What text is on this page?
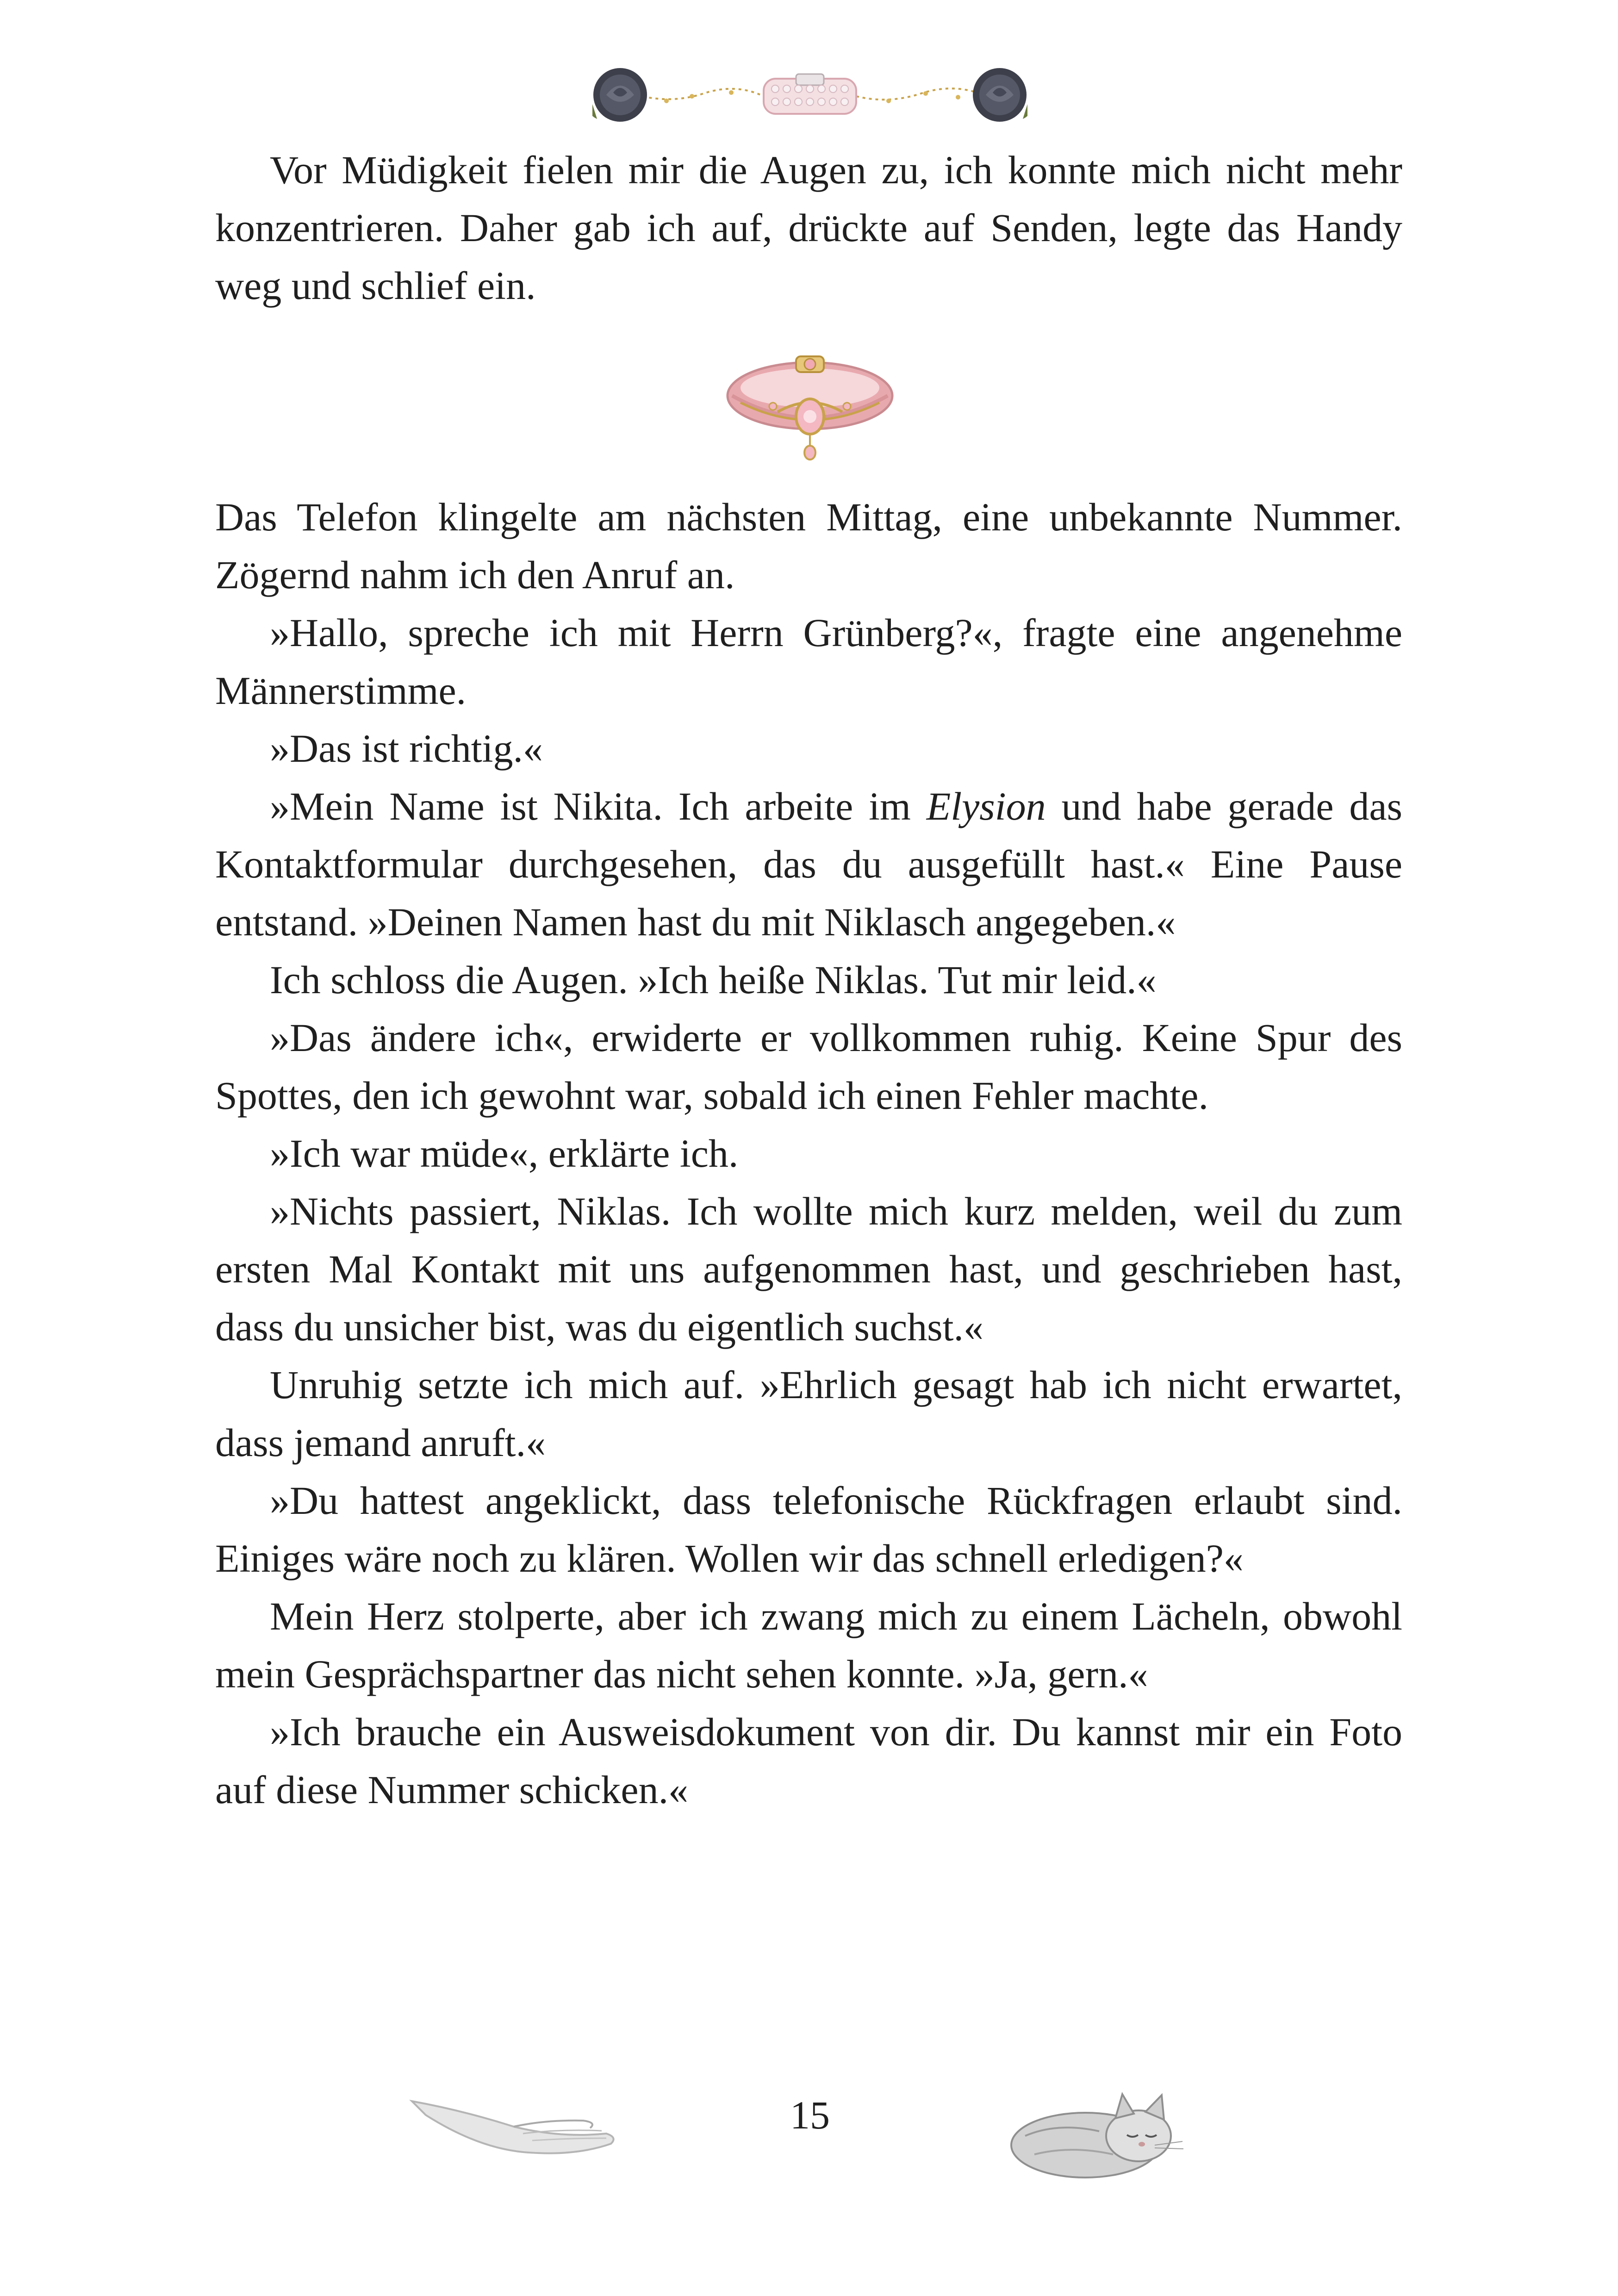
Vor Müdigkeit fielen mir die Augen zu, ich konnte mich nicht mehr konzentrieren. Daher gab ich auf, drückte auf Senden, legte das Handy weg und schlief ein.

Das Telefon klingelte am nächsten Mittag, eine unbekannte Nummer. Zögernd nahm ich den Anruf an.

»Hallo, spreche ich mit Herrn Grünberg?«, fragte eine angenehme Männerstimme.

»Das ist richtig.«

»Mein Name ist Nikita. Ich arbeite im Elysion und habe gerade das Kontaktformular durchgesehen, das du ausgefüllt hast.« Eine Pause entstand. »Deinen Namen hast du mit Niklasch angegeben.«

Ich schloss die Augen. »Ich heiße Niklas. Tut mir leid.«

»Das ändere ich«, erwiderte er vollkommen ruhig. Keine Spur des Spottes, den ich gewohnt war, sobald ich einen Fehler machte.

»Ich war müde«, erklärte ich.

»Nichts passiert, Niklas. Ich wollte mich kurz melden, weil du zum ersten Mal Kontakt mit uns aufgenommen hast, und geschrieben hast, dass du unsicher bist, was du eigentlich suchst.«

Unruhig setzte ich mich auf. »Ehrlich gesagt hab ich nicht erwartet, dass jemand anruft.«

»Du hattest angeklickt, dass telefonische Rückfragen erlaubt sind. Einiges wäre noch zu klären. Wollen wir das schnell erledigen?«

Mein Herz stolperte, aber ich zwang mich zu einem Lächeln, obwohl mein Gesprächspartner das nicht sehen konnte. »Ja, gern.«

»Ich brauche ein Ausweisdokument von dir. Du kannst mir ein Foto auf diese Nummer schicken.«

15
